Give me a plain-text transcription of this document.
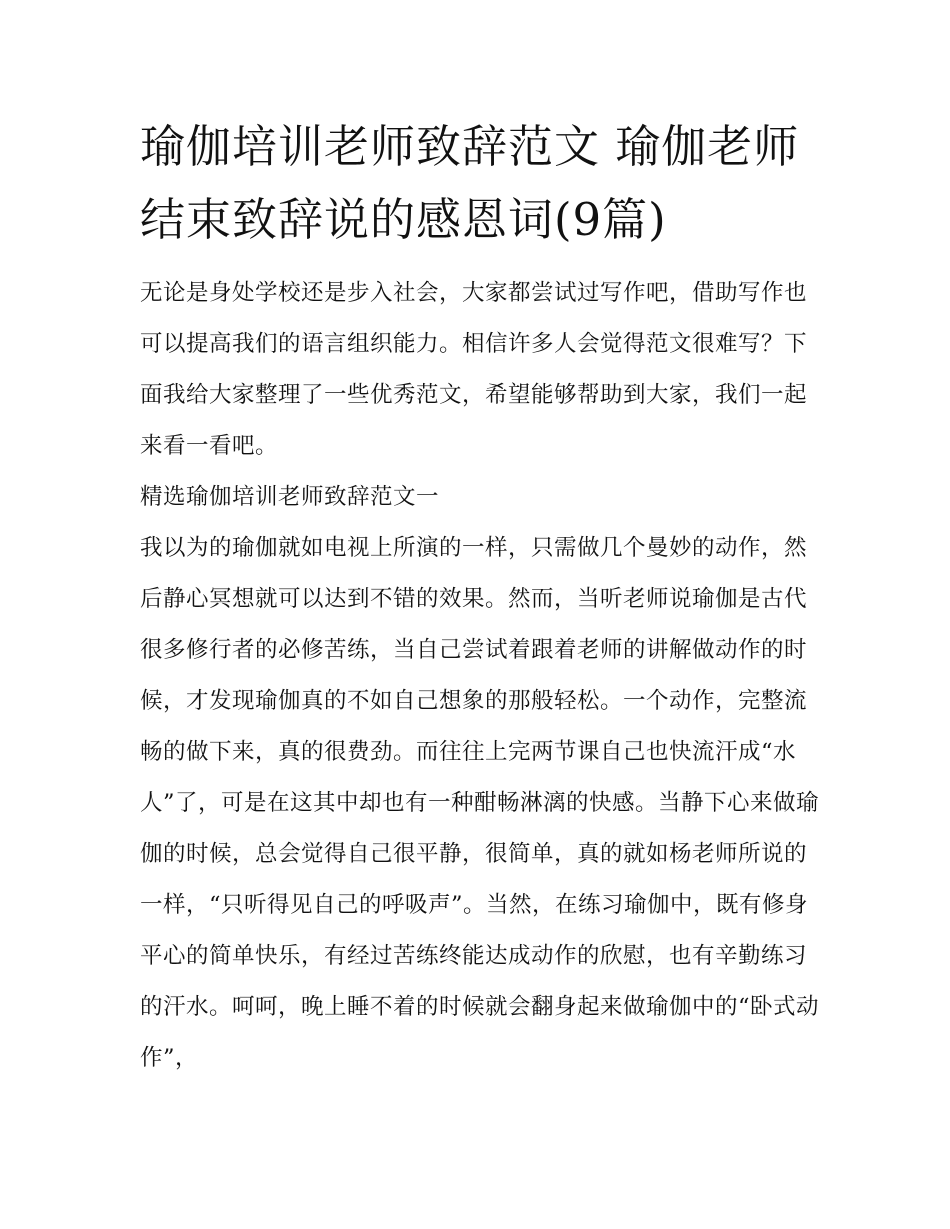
瑜伽培训老师致辞范文 瑜伽老师结束致辞说的感恩词(9篇)

无论是身处学校还是步入社会，大家都尝试过写作吧，借助写作也可以提高我们的语言组织能力。相信许多人会觉得范文很难写？下面我给大家整理了一些优秀范文，希望能够帮助到大家，我们一起来看一看吧。

精选瑜伽培训老师致辞范文一

我以为的瑜伽就如电视上所演的一样，只需做几个曼妙的动作，然后静心冥想就可以达到不错的效果。然而，当听老师说瑜伽是古代很多修行者的必修苦练，当自己尝试着跟着老师的讲解做动作的时候，才发现瑜伽真的不如自己想象的那般轻松。一个动作，完整流畅的做下来，真的很费劲。而往往上完两节课自己也快流汗成“水人”了，可是在这其中却也有一种酣畅淋漓的快感。当静下心来做瑜伽的时候，总会觉得自己很平静，很简单，真的就如杨老师所说的一样，“只听得见自己的呼吸声”。当然，在练习瑜伽中，既有修身平心的简单快乐，有经过苦练终能达成动作的欣慰，也有辛勤练习的汗水。呵呵，晚上睡不着的时候就会翻身起来做瑜伽中的“卧式动作”，
